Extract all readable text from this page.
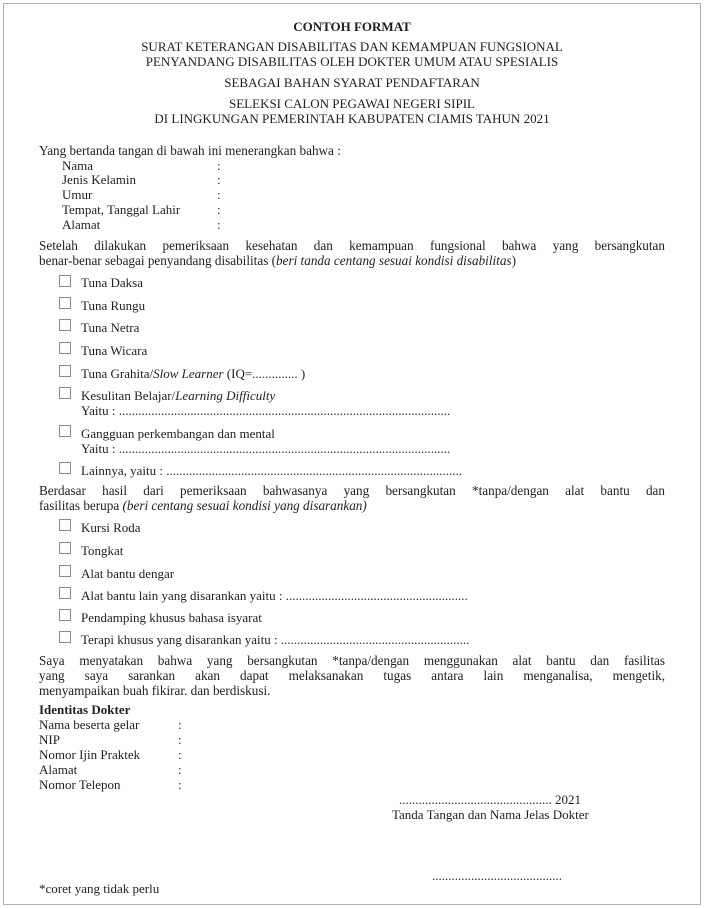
CONTOH FORMAT
SURAT KETERANGAN DISABILITAS DAN KEMAMPUAN FUNGSIONAL
PENYANDANG DISABILITAS OLEH DOKTER UMUM ATAU SPESIALIS
SEBAGAI BAHAN SYARAT PENDAFTARAN
SELEKSI CALON PEGAWAI NEGERI SIPIL
DI LINGKUNGAN PEMERINTAH KABUPATEN CIAMIS TAHUN 2021
Yang bertanda tangan di bawah ini menerangkan bahwa :
Nama	:
Jenis Kelamin	:
Umur	:
Tempat, Tanggal Lahir	:
Alamat	:
Setelah dilakukan pemeriksaan kesehatan dan kemampuan fungsional bahwa yang bersangkutan
benar-benar sebagai penyandang disabilitas (beri tanda centang sesuai kondisi disabilitas)
Tuna Daksa
Tuna Rungu
Tuna Netra
Tuna Wicara
Tuna Grahita/Slow Learner (IQ=.............. )
Kesulitan Belajar/Learning Difficulty
Yaitu : ......................................................................................................
Gangguan perkembangan dan mental
Yaitu : ......................................................................................................
Lainnya, yaitu : ...........................................................................................
Berdasar hasil dari pemeriksaan bahwasanya yang bersangkutan *tanpa/dengan alat bantu dan
fasilitas berupa (beri centang sesuai kondisi yang disarankan)
Kursi Roda
Tongkat
Alat bantu dengar
Alat bantu lain yang disarankan yaitu : ........................................................
Pendamping khusus bahasa isyarat
Terapi khusus yang disarankan yaitu : ..........................................................
Saya menyatakan bahwa yang bersangkutan *tanpa/dengan menggunakan alat bantu dan fasilitas
yang saya sarankan akan dapat melaksanakan tugas antara lain menganalisa, mengetik,
menyampaikan buah fikirar. dan berdiskusi.
Identitas Dokter
Nama beserta gelar	:
NIP	:
Nomor Ijin Praktek	:
Alamat	:
Nomor Telepon	:
............................................... 2021
Tanda Tangan dan Nama Jelas Dokter
........................................
*coret yang tidak perlu
